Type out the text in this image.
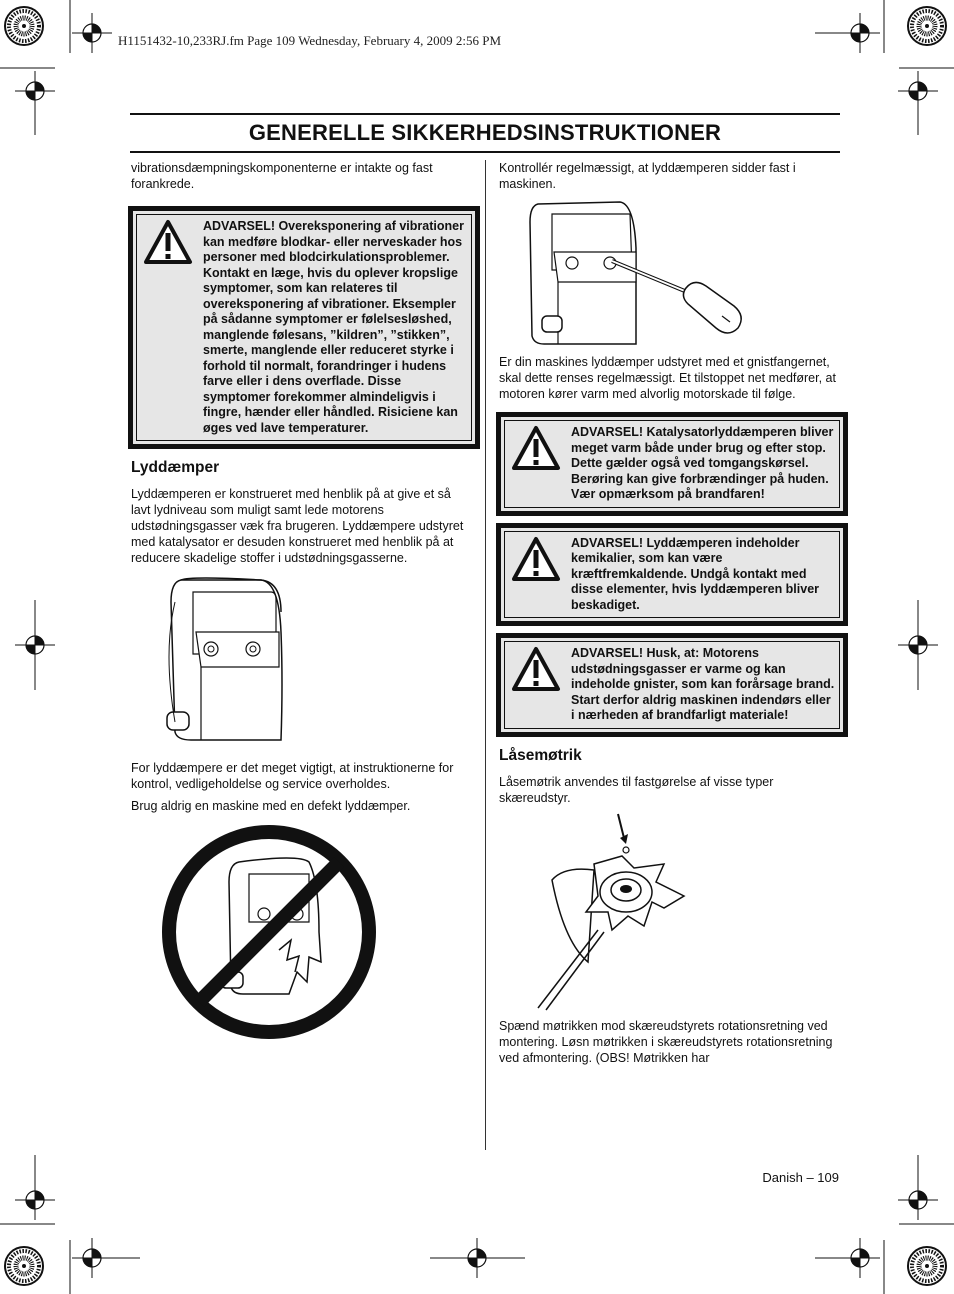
H1151432-10,233RJ.fm Page 109 Wednesday, February 4, 2009 2:56 PM
GENERELLE SIKKERHEDSINSTRUKTIONER

vibrationsdæmpningskomponenterne er intakte og fast forankrede.

ADVARSEL! Overeksponering af vibrationer kan medføre blodkar- eller nerveskader hos personer med blodcirkulationsproblemer. Kontakt en læge, hvis du oplever kropslige symptomer, som kan relateres til overeksponering af vibrationer. Eksempler på sådanne symptomer er følelsesløshed, manglende følesans, ”kildren”, ”stikken”, smerte, manglende eller reduceret styrke i forhold til normalt, forandringer i hudens farve eller i dens overflade. Disse symptomer forekommer almindeligvis i fingre, hænder eller håndled. Risiciene kan øges ved lave temperaturer.
Lyddæmper

Lyddæmperen er konstrueret med henblik på at give et så lavt lydniveau som muligt samt lede motorens udstødningsgasser væk fra brugeren. Lyddæmpere udstyret med katalysator er desuden konstrueret med henblik på at reducere skadelige stoffer i udstødningsgasserne.

For lyddæmpere er det meget vigtigt, at instruktionerne for kontrol, vedligeholdelse og service overholdes.

Brug aldrig en maskine med en defekt lyddæmper.

Kontrollér regelmæssigt, at lyddæmperen sidder fast i maskinen.

Er din maskines lyddæmper udstyret med et gnistfangernet, skal dette renses regelmæssigt. Et tilstoppet net medfører, at motoren kører varm med alvorlig motorskade til følge.

ADVARSEL! Katalysatorlyddæmperen bliver meget varm både under brug og efter stop. Dette gælder også ved tomgangskørsel. Berøring kan give forbrændinger på huden. Vær opmærksom på brandfaren!
ADVARSEL! Lyddæmperen indeholder kemikalier, som kan være kræftfremkaldende. Undgå kontakt med disse elementer, hvis lyddæmperen bliver beskadiget.
ADVARSEL! Husk, at: Motorens udstødningsgasser er varme og kan indeholde gnister, som kan forårsage brand. Start derfor aldrig maskinen indendørs eller i nærheden af brandfarligt materiale!
Låsemøtrik

Låsemøtrik anvendes til fastgørelse af visse typer skæreudstyr.

Spænd møtrikken mod skæreudstyrets rotationsretning ved montering. Løsn møtrikken i skæreudstyrets rotationsretning ved afmontering. (OBS! Møtrikken har

Danish – 109
